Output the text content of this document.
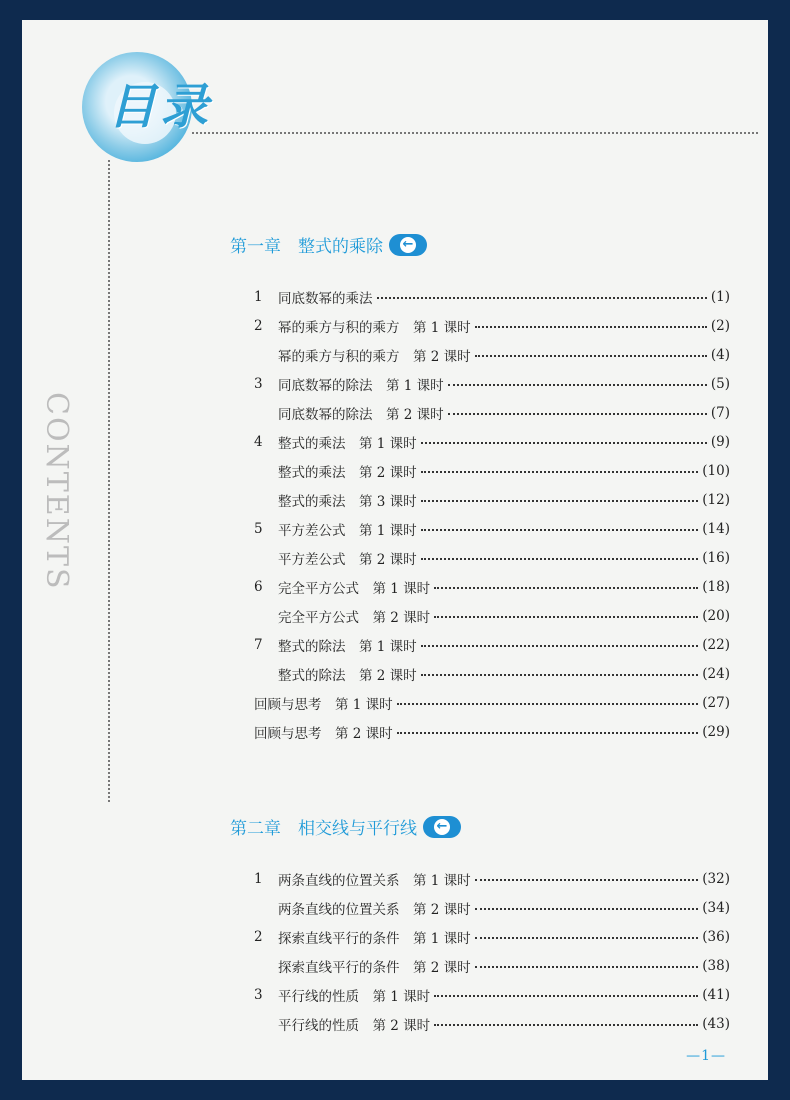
目录
CONTENTS
第一章　整式的乘除 ←
第二章　相交线与平行线 ←
—1—
1	同底数幂的乘法	(1)
2	幂的乘方与积的乘方　第 1 课时	(2)
幂的乘方与积的乘方　第 2 课时	(4)
3	同底数幂的除法　第 1 课时	(5)
同底数幂的除法　第 2 课时	(7)
4	整式的乘法　第 1 课时	(9)
整式的乘法　第 2 课时	(10)
整式的乘法　第 3 课时	(12)
5	平方差公式　第 1 课时	(14)
平方差公式　第 2 课时	(16)
6	完全平方公式　第 1 课时	(18)
完全平方公式　第 2 课时	(20)
7	整式的除法　第 1 课时	(22)
整式的除法　第 2 课时	(24)
回顾与思考　第 1 课时	(27)
回顾与思考　第 2 课时	(29)
1	两条直线的位置关系　第 1 课时	(32)
两条直线的位置关系　第 2 课时	(34)
2	探索直线平行的条件　第 1 课时	(36)
探索直线平行的条件　第 2 课时	(38)
3	平行线的性质　第 1 课时	(41)
平行线的性质　第 2 课时	(43)
